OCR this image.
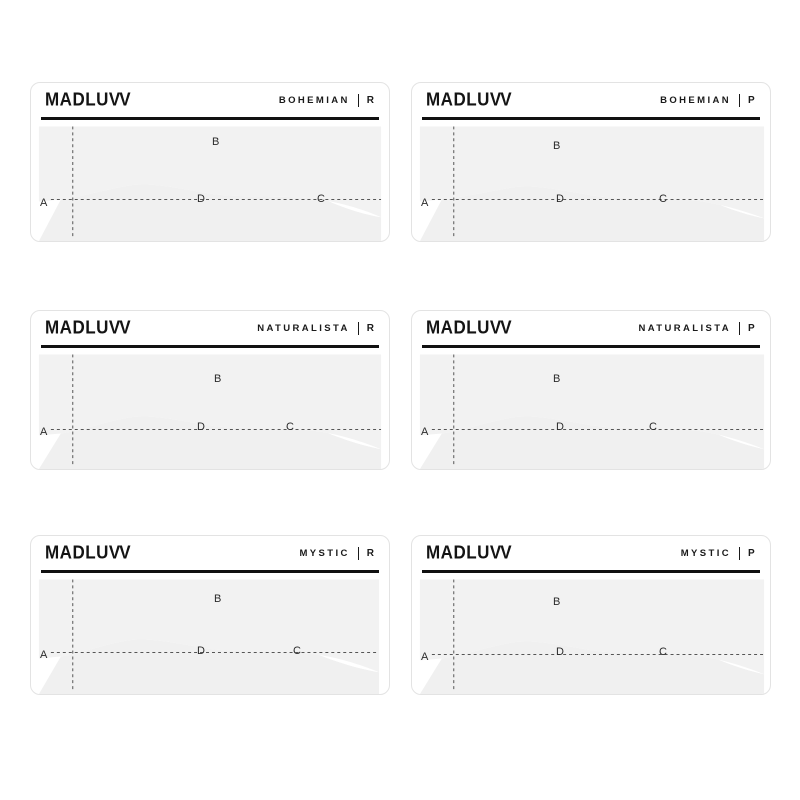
MADLUVV	BOHEMIAN R
A
B
C
D
MADLUVV	BOHEMIAN P
A
B
C
D
MADLUVV	NATURALISTA R
A
B
C
D
MADLUVV	NATURALISTA P
A
B
C
D
MADLUVV	MYSTIC R
A
B
C
D
MADLUVV	MYSTIC P
A
B
C
D
